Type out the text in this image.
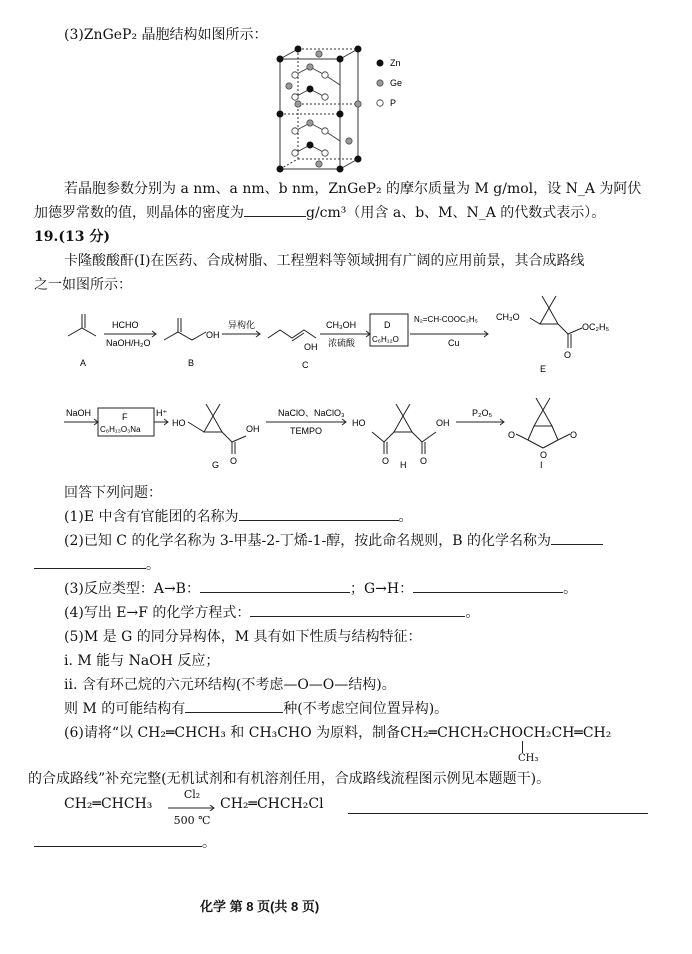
(3)ZnGeP₂ 晶胞结构如图所示：
Zn
Ge
P
若晶胞参数分别为 a nm、a nm、b nm，ZnGeP₂ 的摩尔质量为 M g/mol，设 N_A 为阿伏
加德罗常数的值，则晶体的密度为	g/cm³（用含 a、b、M、N_A 的代数式表示）。
19.(13 分)
卡隆酸酸酐(I)在医药、合成树脂、工程塑料等领域拥有广阔的应用前景，其合成路线
之一如图所示：
A
HCHO
NaOH/H₂O
B
OH
异构化
C
OH
CH₃OH
浓硫酸
D
C₆H₁₂O
N₂=CH-COOC₂H₅
Cu
CH₃O
OC₂H₅
O
E
NaOH	F
C₈H₁₃O₃Na
H⁺
HO
OH
O
G
NaClO、NaClO₃
TEMPO
HO	OH
O	O
H
P₂O₅
O	O
O
I
回答下列问题：
(1)E 中含有官能团的名称为	。
(2)已知 C 的化学名称为 3-甲基-2-丁烯-1-醇，按此命名规则，B 的化学名称为
。
(3)反应类型：A→B：	；G→H：	。
(4)写出 E→F 的化学方程式：	。
(5)M 是 G 的同分异构体，M 具有如下性质与结构特征：
ⅰ. M 能与 NaOH 反应；
ⅱ. 含有环己烷的六元环结构(不考虑—O—O—结构)。
则 M 的可能结构有	种(不考虑空间位置异构)。
(6)请将“以 CH₂═CHCH₃ 和 CH₃CHO 为原料，制备CH₂═CHCH₂CHOCH₂CH═CH₂
CH₃
的合成路线”补充完整(无机试剂和有机溶剂任用，合成路线流程图示例见本题题干)。
CH₂═CHCH₃
Cl₂
500 ℃
CH₂═CHCH₂Cl
。
化学 第 8 页(共 8 页)
